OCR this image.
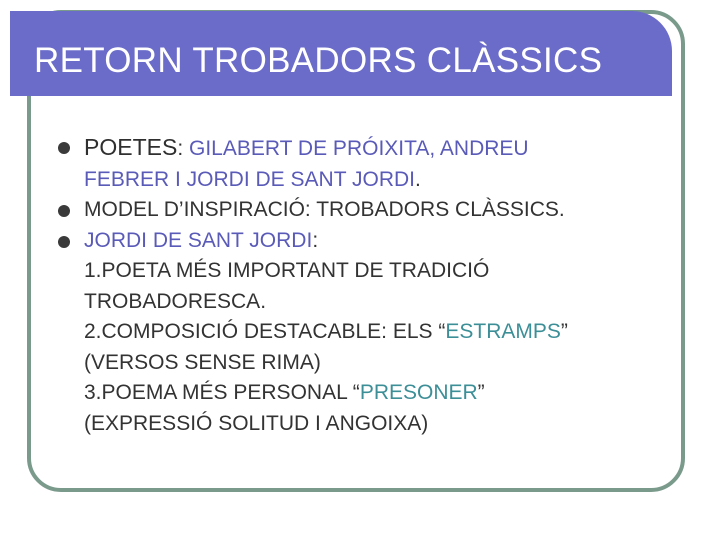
RETORN TROBADORS CLÀSSICS
POETES: GILABERT DE PRÓIXITA, ANDREU
FEBRER I JORDI DE SANT JORDI.
MODEL D’INSPIRACIÓ: TROBADORS CLÀSSICS.
JORDI DE SANT JORDI:
1.POETA MÉS IMPORTANT DE TRADICIÓ
TROBADORESCA.
2.COMPOSICIÓ DESTACABLE: ELS “ESTRAMPS”
(VERSOS SENSE RIMA)
3.POEMA MÉS PERSONAL “PRESONER”
(EXPRESSIÓ SOLITUD I ANGOIXA)
